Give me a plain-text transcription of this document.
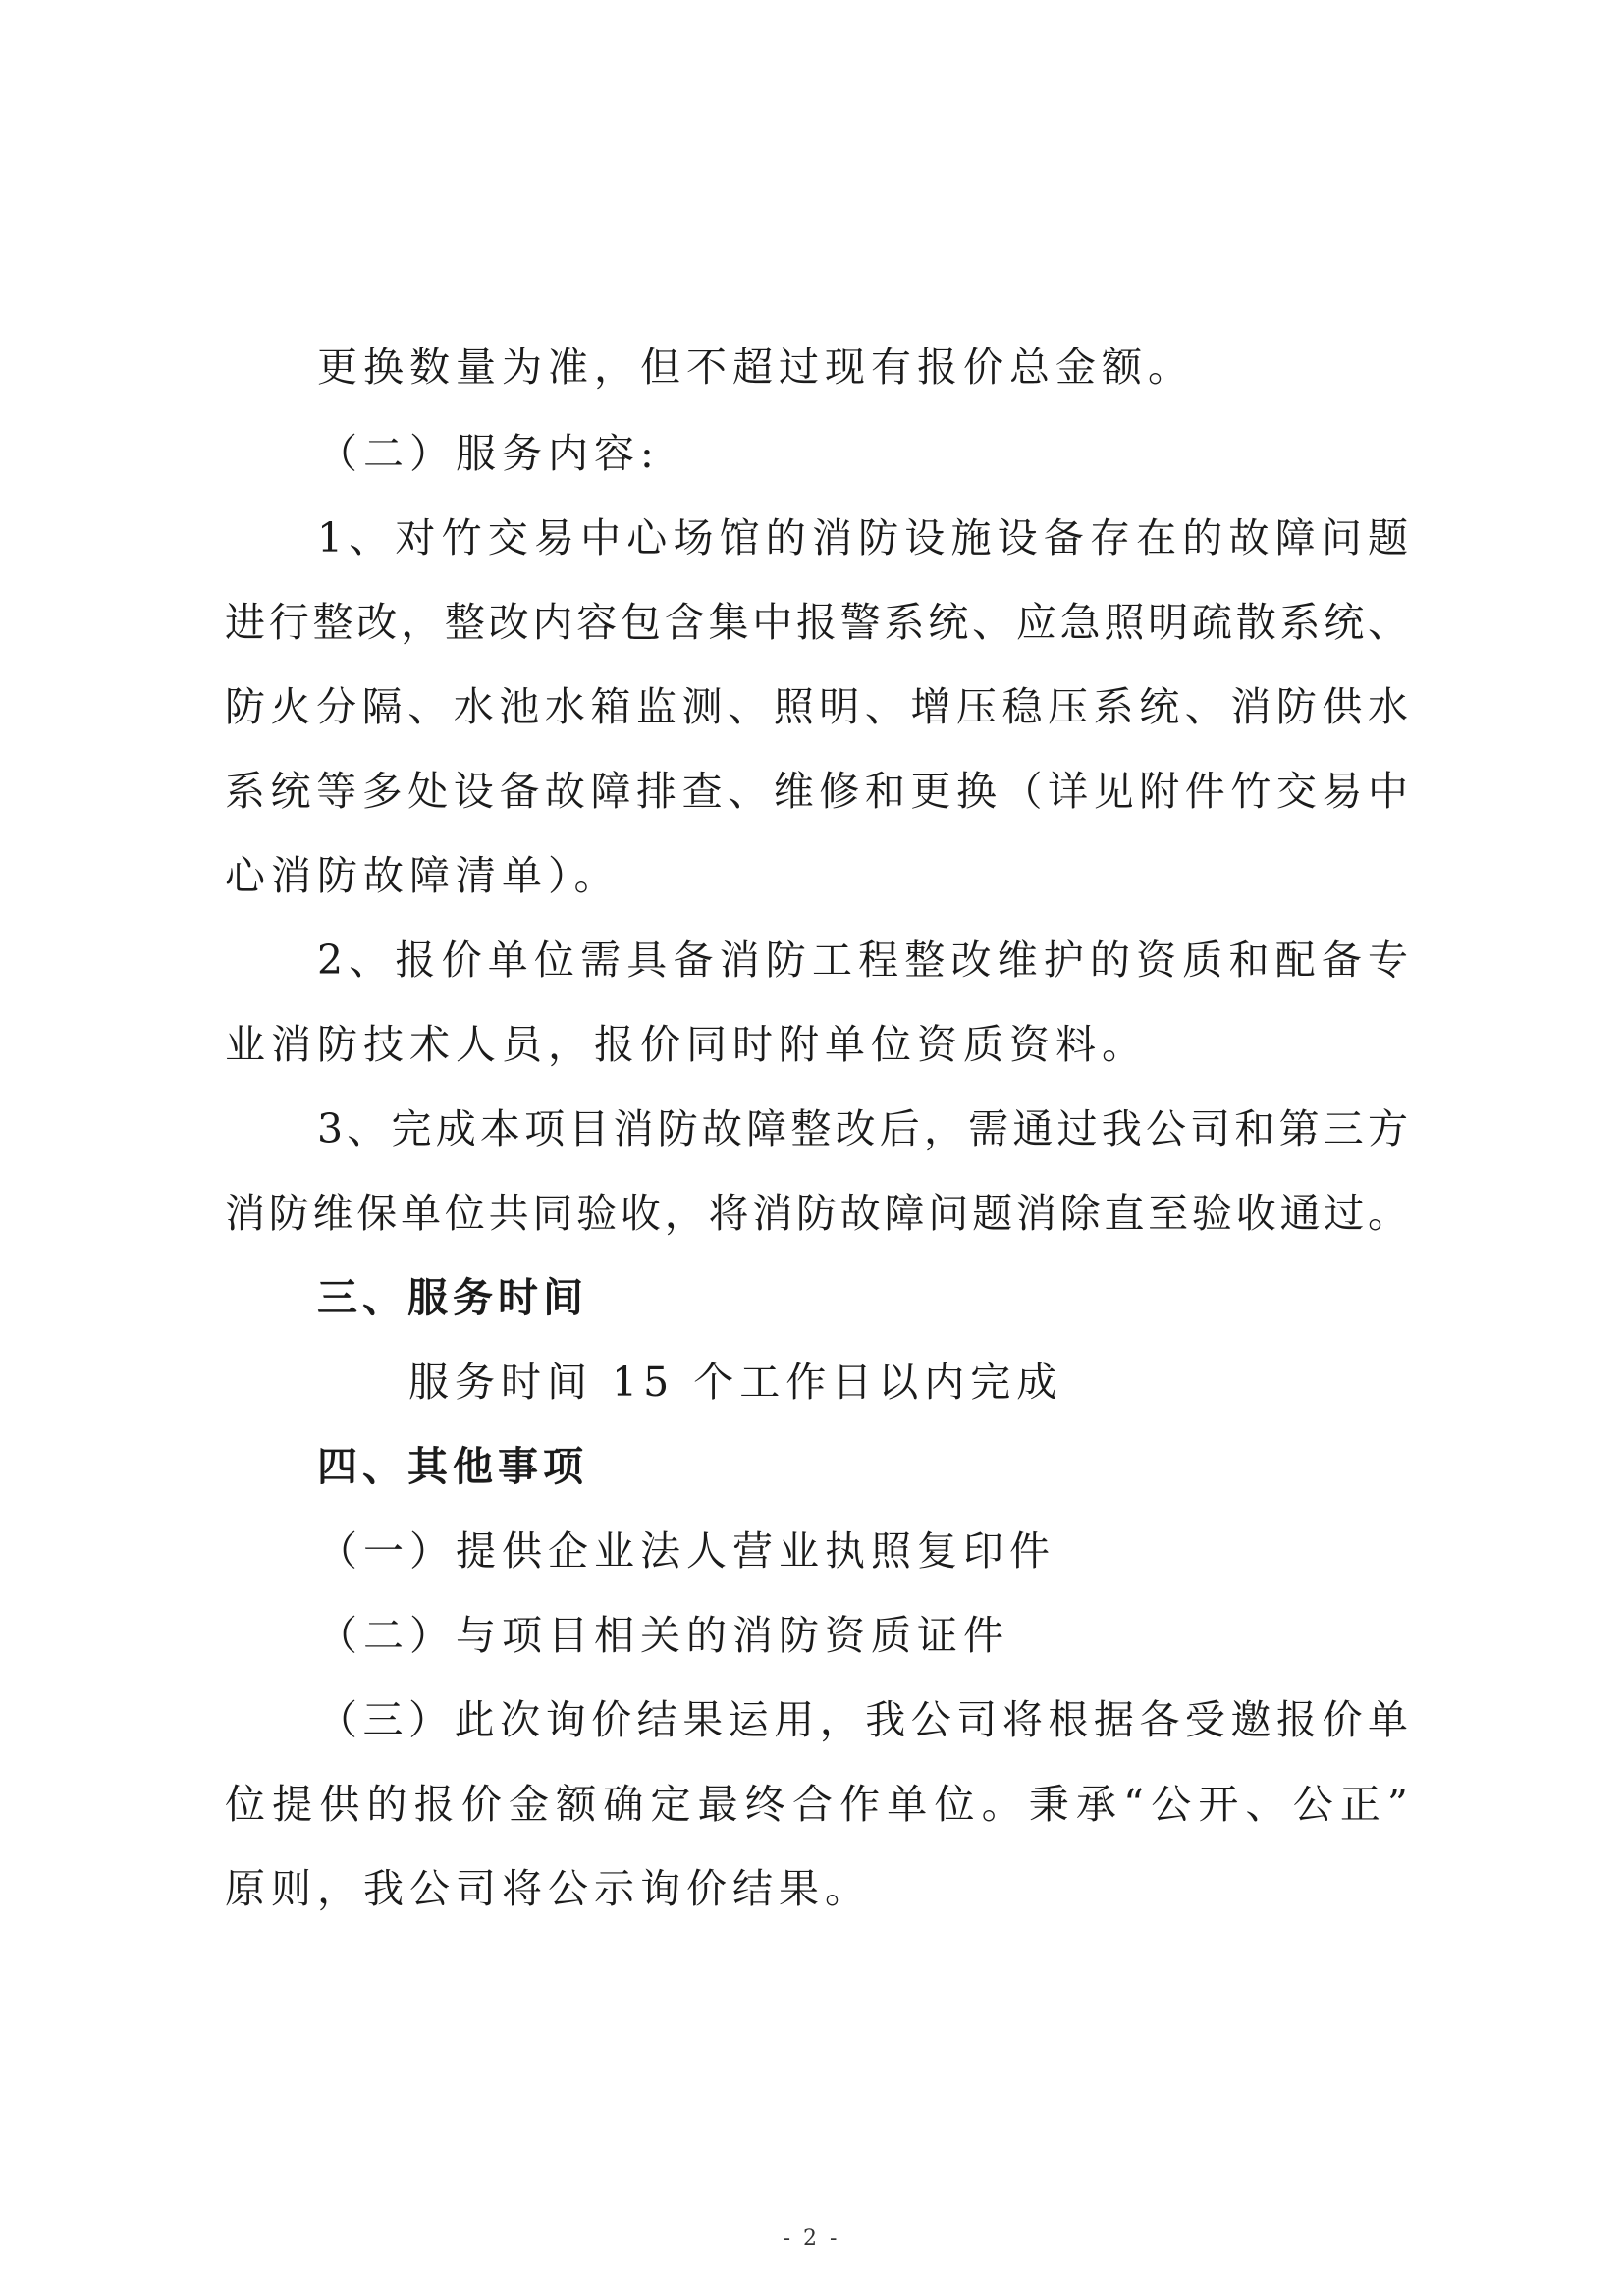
更换数量为准，但不超过现有报价总金额。
（二）服务内容:
1、对竹交易中心场馆的消防设施设备存在的故障问题
进行整改，整改内容包含集中报警系统、应急照明疏散系统、
防火分隔、水池水箱监测、照明、增压稳压系统、消防供水
系统等多处设备故障排查、维修和更换（详见附件竹交易中
心消防故障清单）。
2、报价单位需具备消防工程整改维护的资质和配备专
业消防技术人员，报价同时附单位资质资料。
3、完成本项目消防故障整改后，需通过我公司和第三方
消防维保单位共同验收，将消防故障问题消除直至验收通过。
三、服务时间
服务时间 15 个工作日以内完成
四、其他事项
（一）提供企业法人营业执照复印件
（二）与项目相关的消防资质证件
（三）此次询价结果运用，我公司将根据各受邀报价单
位提供的报价金额确定最终合作单位。秉承“公开、公正”
原则，我公司将公示询价结果。
- 2 -
